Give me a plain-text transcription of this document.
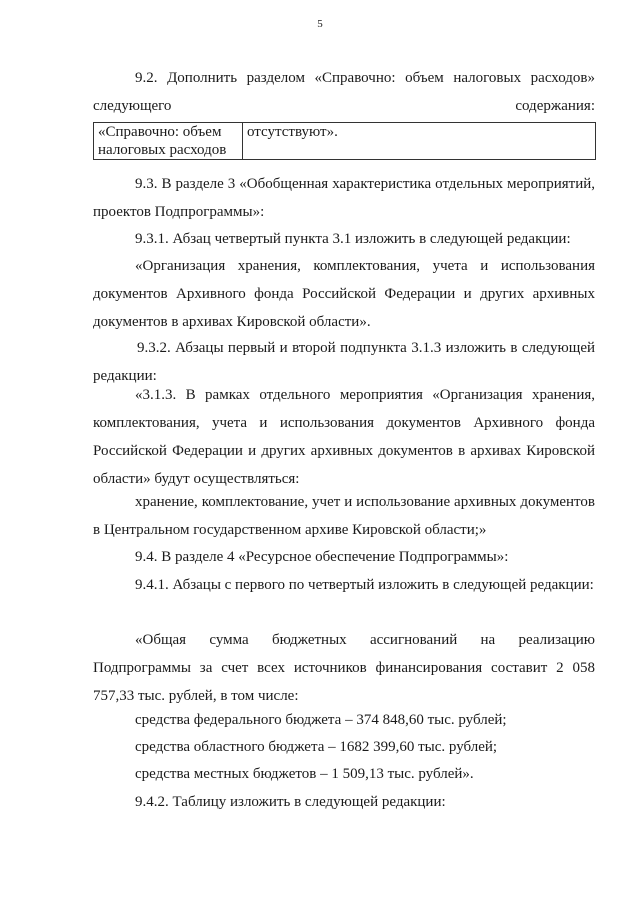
5

9.2. Дополнить разделом «Справочно: объем налоговых расходов» следующего содержания:

«Справочно: объем налоговых расходов	отсутствуют».

9.3. В разделе 3 «Обобщенная характеристика отдельных мероприятий, проектов Подпрограммы»:

9.3.1. Абзац четвертый пункта 3.1 изложить в следующей редакции:

«Организация хранения, комплектования, учета и использования документов Архивного фонда Российской Федерации и других архивных документов в архивах Кировской области».

9.3.2. Абзацы первый и второй подпункта 3.1.3 изложить в следующей редакции:

«3.1.3. В рамках отдельного мероприятия «Организация хранения, комплектования, учета и использования документов Архивного фонда Российской Федерации и других архивных документов в архивах Кировской области» будут осуществляться:

хранение, комплектование, учет и использование архивных документов в Центральном государственном архиве Кировской области;»

9.4. В разделе 4 «Ресурсное обеспечение Подпрограммы»:

9.4.1. Абзацы с первого по четвертый изложить в следующей редакции:

«Общая сумма бюджетных ассигнований на реализацию Подпрограммы за счет всех источников финансирования составит 2 058 757,33 тыс. рублей, в том числе:

средства федерального бюджета – 374 848,60 тыс. рублей;

средства областного бюджета – 1682 399,60 тыс. рублей;

средства местных бюджетов – 1 509,13 тыс. рублей».

9.4.2. Таблицу изложить в следующей редакции:
